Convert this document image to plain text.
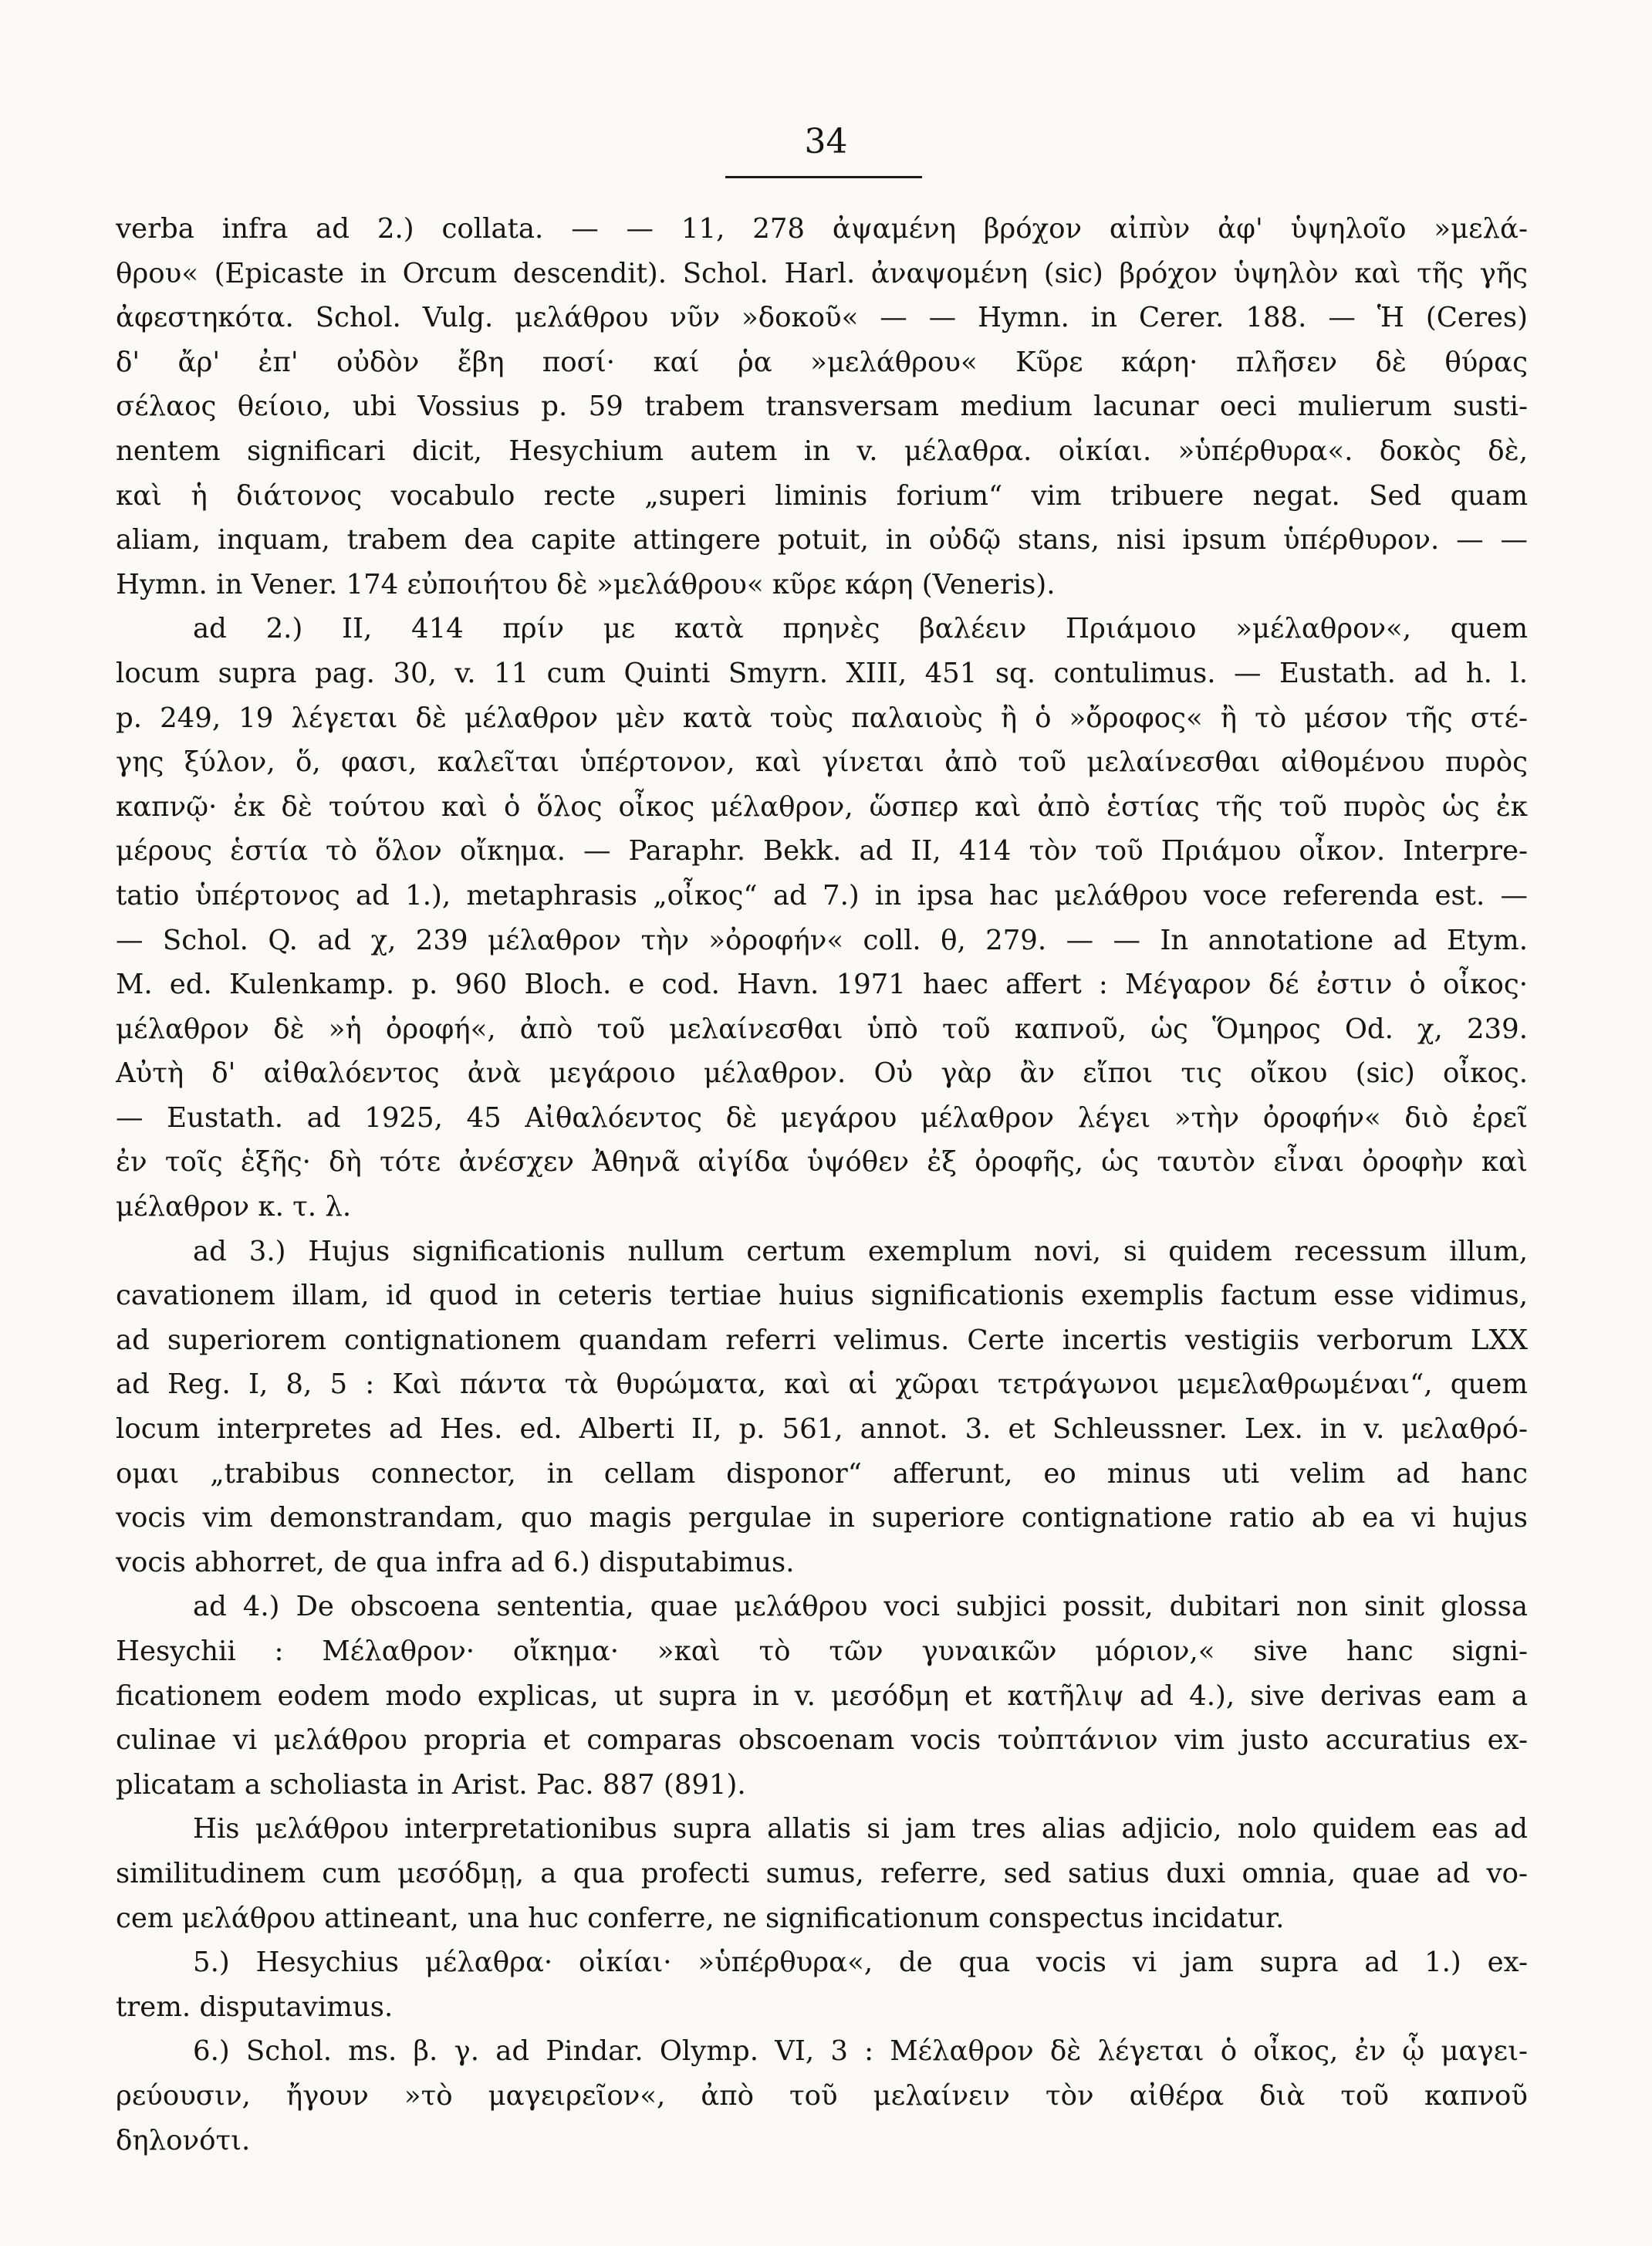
34
verba infra ad 2.) collata. — — 11, 278 ἀψαμένη βρόχον αἰπὺν ἀφ' ὑψηλοῖο »μελά-
θρου« (Epicaste in Orcum descendit). Schol. Harl. ἀναψομένη (sic) βρόχον ὑψηλὸν καὶ τῆς γῆς
ἀφεστηκότα. Schol. Vulg. μελάθρου νῦν »δοκοῦ« — — Hymn. in Cerer. 188. — Ἡ (Ceres)
δ' ἄρ' ἐπ' οὐδὸν ἔβη ποσί· καί ῥα »μελάθρου« Κῦρε κάρη· πλῆσεν δὲ θύρας
σέλαος θείοιο, ubi Vossius p. 59 trabem transversam medium lacunar oeci mulierum susti-
nentem significari dicit, Hesychium autem in v. μέλαθρα. οἰκίαι. »ὑπέρθυρα«. δοκὸς δὲ,
καὶ ἡ διάτονος vocabulo recte „superi liminis forium“ vim tribuere negat. Sed quam
aliam, inquam, trabem dea capite attingere potuit, in οὐδῷ stans, nisi ipsum ὑπέρθυρον. — —
Hymn. in Vener. 174 εὐποιήτου δὲ »μελάθρου« κῦρε κάρη (Veneris).
ad 2.) II, 414 πρίν με κατὰ πρηνὲς βαλέειν Πριάμοιο »μέλαθρον«, quem
locum supra pag. 30, v. 11 cum Quinti Smyrn. XIII, 451 sq. contulimus. — Eustath. ad h. l.
p. 249, 19 λέγεται δὲ μέλαθρον μὲν κατὰ τοὺς παλαιοὺς ἢ ὁ »ὄροφος« ἢ τὸ μέσον τῆς στέ-
γης ξύλον, ὅ, φασι, καλεῖται ὑπέρτονον, καὶ γίνεται ἀπὸ τοῦ μελαίνεσθαι αἰθομένου πυρὸς
καπνῷ· ἐκ δὲ τούτου καὶ ὁ ὅλος οἶκος μέλαθρον, ὥσπερ καὶ ἀπὸ ἑστίας τῆς τοῦ πυρὸς ὡς ἐκ
μέρους ἑστία τὸ ὅλον οἴκημα. — Paraphr. Bekk. ad II, 414 τὸν τοῦ Πριάμου οἶκον. Interpre-
tatio ὑπέρτονος ad 1.), metaphrasis „οἶκος“ ad 7.) in ipsa hac μελάθρου voce referenda est. —
— Schol. Q. ad χ, 239 μέλαθρον τὴν »ὀροφήν« coll. θ, 279. — — In annotatione ad Etym.
M. ed. Kulenkamp. p. 960 Bloch. e cod. Havn. 1971 haec affert : Μέγαρον δέ ἐστιν ὁ οἶκος·
μέλαθρον δὲ »ἡ ὀροφή«, ἀπὸ τοῦ μελαίνεσθαι ὑπὸ τοῦ καπνοῦ, ὡς Ὅμηρος Od. χ, 239.
Αὐτὴ δ' αἰθαλόεντος ἀνὰ μεγάροιο μέλαθρον. Οὐ γὰρ ἂν εἴποι τις οἴκου (sic) οἶκος.
— Eustath. ad 1925, 45 Αἰθαλόεντος δὲ μεγάρου μέλαθρον λέγει »τὴν ὀροφήν« διὸ ἐρεῖ
ἐν τοῖς ἑξῆς· δὴ τότε ἀνέσχεν Ἀθηνᾶ αἰγίδα ὑψόθεν ἐξ ὀροφῆς, ὡς ταυτὸν εἶναι ὀροφὴν καὶ
μέλαθρον κ. τ. λ.
ad 3.) Hujus significationis nullum certum exemplum novi, si quidem recessum illum,
cavationem illam, id quod in ceteris tertiae huius significationis exemplis factum esse vidimus,
ad superiorem contignationem quandam referri velimus. Certe incertis vestigiis verborum LXX
ad Reg. I, 8, 5 : Καὶ πάντα τὰ θυρώματα, καὶ αἱ χῶραι τετράγωνοι μεμελαθρωμέναι“, quem
locum interpretes ad Hes. ed. Alberti II, p. 561, annot. 3. et Schleussner. Lex. in v. μελαθρό-
ομαι „trabibus connector, in cellam disponor“ afferunt, eo minus uti velim ad hanc
vocis vim demonstrandam, quo magis pergulae in superiore contignatione ratio ab ea vi hujus
vocis abhorret, de qua infra ad 6.) disputabimus.
ad 4.) De obscoena sententia, quae μελάθρου voci subjici possit, dubitari non sinit glossa
Hesychii : Μέλαθρον· οἴκημα· »καὶ τὸ τῶν γυναικῶν μόριον,« sive hanc signi-
ficationem eodem modo explicas, ut supra in v. μεσόδμη et κατῆλιψ ad 4.), sive derivas eam a
culinae vi μελάθρου propria et comparas obscoenam vocis τοὐπτάνιον vim justo accuratius ex-
plicatam a scholiasta in Arist. Pac. 887 (891).
His μελάθρου interpretationibus supra allatis si jam tres alias adjicio, nolo quidem eas ad
similitudinem cum μεσόδμῃ, a qua profecti sumus, referre, sed satius duxi omnia, quae ad vo-
cem μελάθρου attineant, una huc conferre, ne significationum conspectus incidatur.
5.) Hesychius μέλαθρα· οἰκίαι· »ὑπέρθυρα«, de qua vocis vi jam supra ad 1.) ex-
trem. disputavimus.
6.) Schol. ms. β. γ. ad Pindar. Olymp. VI, 3 : Μέλαθρον δὲ λέγεται ὁ οἶκος, ἐν ᾧ μαγει-
ρεύουσιν, ἤγουν »τὸ μαγειρεῖον«, ἀπὸ τοῦ μελαίνειν τὸν αἰθέρα διὰ τοῦ καπνοῦ
δηλονότι.
